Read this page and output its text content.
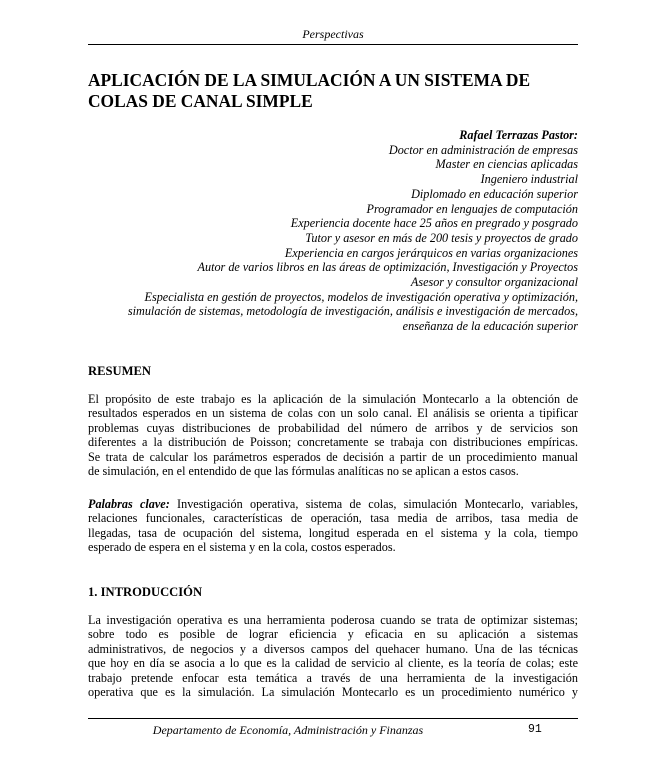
Perspectivas
APLICACIÓN DE LA SIMULACIÓN A UN SISTEMA DE
COLAS DE CANAL SIMPLE
Rafael Terrazas Pastor:
Doctor en administración de empresas
Master en ciencias aplicadas
Ingeniero industrial
Diplomado en educación superior
Programador en lenguajes de computación
Experiencia docente hace 25 años en pregrado y posgrado
Tutor y asesor en más de 200 tesis y proyectos de grado
Experiencia en cargos jerárquicos en varias organizaciones
Autor de varios libros en las áreas de optimización, Investigación y Proyectos
Asesor y consultor organizacional
Especialista en gestión de proyectos, modelos de investigación operativa y optimización,
simulación de sistemas, metodología de investigación, análisis e investigación de mercados,
enseñanza de la educación superior
RESUMEN

El propósito de este trabajo es la aplicación de la simulación Montecarlo a la obtención de
resultados esperados en un sistema de colas con un solo canal. El análisis se orienta a tipificar
problemas cuyas distribuciones de probabilidad del número de arribos y de servicios son
diferentes a la distribución de Poisson; concretamente se trabaja con distribuciones empíricas.
Se trata de calcular los parámetros esperados de decisión a partir de un procedimiento manual
de simulación, en el entendido de que las fórmulas analíticas no se aplican a estos casos.

Palabras clave: Investigación operativa, sistema de colas, simulación Montecarlo, variables,
relaciones funcionales, características de operación, tasa media de arribos, tasa media de
llegadas, tasa de ocupación del sistema, longitud esperada en el sistema y la cola, tiempo
esperado de espera en el sistema y en la cola, costos esperados.

1. INTRODUCCIÓN

La investigación operativa es una herramienta poderosa cuando se trata de optimizar sistemas;
sobre todo es posible de lograr eficiencia y eficacia en su aplicación a sistemas
administrativos, de negocios y a diversos campos del quehacer humano. Una de las técnicas
que hoy en día se asocia a lo que es la calidad de servicio al cliente, es la teoría de colas; este
trabajo pretende enfocar esta temática a través de una herramienta de la investigación
operativa que es la simulación. La simulación Montecarlo es un procedimiento numérico y

Departamento de Economía, Administración y Finanzas	91
